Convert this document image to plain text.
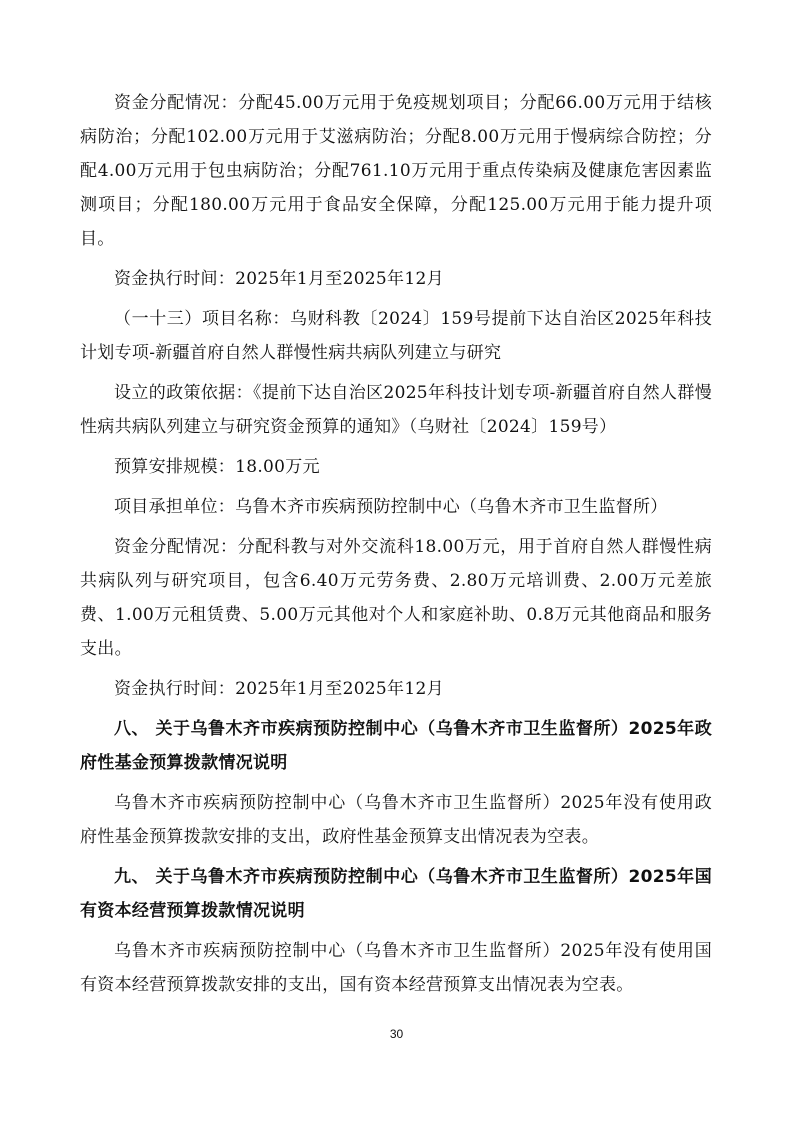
资金分配情况：分配45.00万元用于免疫规划项目；分配66.00万元用于结核病防治；分配102.00万元用于艾滋病防治；分配8.00万元用于慢病综合防控；分配4.00万元用于包虫病防治；分配761.10万元用于重点传染病及健康危害因素监测项目；分配180.00万元用于食品安全保障，分配125.00万元用于能力提升项目。

资金执行时间：2025年1月至2025年12月

（一十三）项目名称：乌财科教〔2024〕159号提前下达自治区2025年科技计划专项-新疆首府自然人群慢性病共病队列建立与研究

设立的政策依据：《提前下达自治区2025年科技计划专项-新疆首府自然人群慢性病共病队列建立与研究资金预算的通知》（乌财社〔2024〕159号）

预算安排规模：18.00万元

项目承担单位：乌鲁木齐市疾病预防控制中心（乌鲁木齐市卫生监督所）

资金分配情况：分配科教与对外交流科18.00万元，用于首府自然人群慢性病共病队列与研究项目，包含6.40万元劳务费、2.80万元培训费、2.00万元差旅费、1.00万元租赁费、5.00万元其他对个人和家庭补助、0.8万元其他商品和服务支出。

资金执行时间：2025年1月至2025年12月

八、 关于乌鲁木齐市疾病预防控制中心（乌鲁木齐市卫生监督所）2025年政府性基金预算拨款情况说明

乌鲁木齐市疾病预防控制中心（乌鲁木齐市卫生监督所）2025年没有使用政府性基金预算拨款安排的支出，政府性基金预算支出情况表为空表。

九、 关于乌鲁木齐市疾病预防控制中心（乌鲁木齐市卫生监督所）2025年国有资本经营预算拨款情况说明

乌鲁木齐市疾病预防控制中心（乌鲁木齐市卫生监督所）2025年没有使用国有资本经营预算拨款安排的支出，国有资本经营预算支出情况表为空表。

30
